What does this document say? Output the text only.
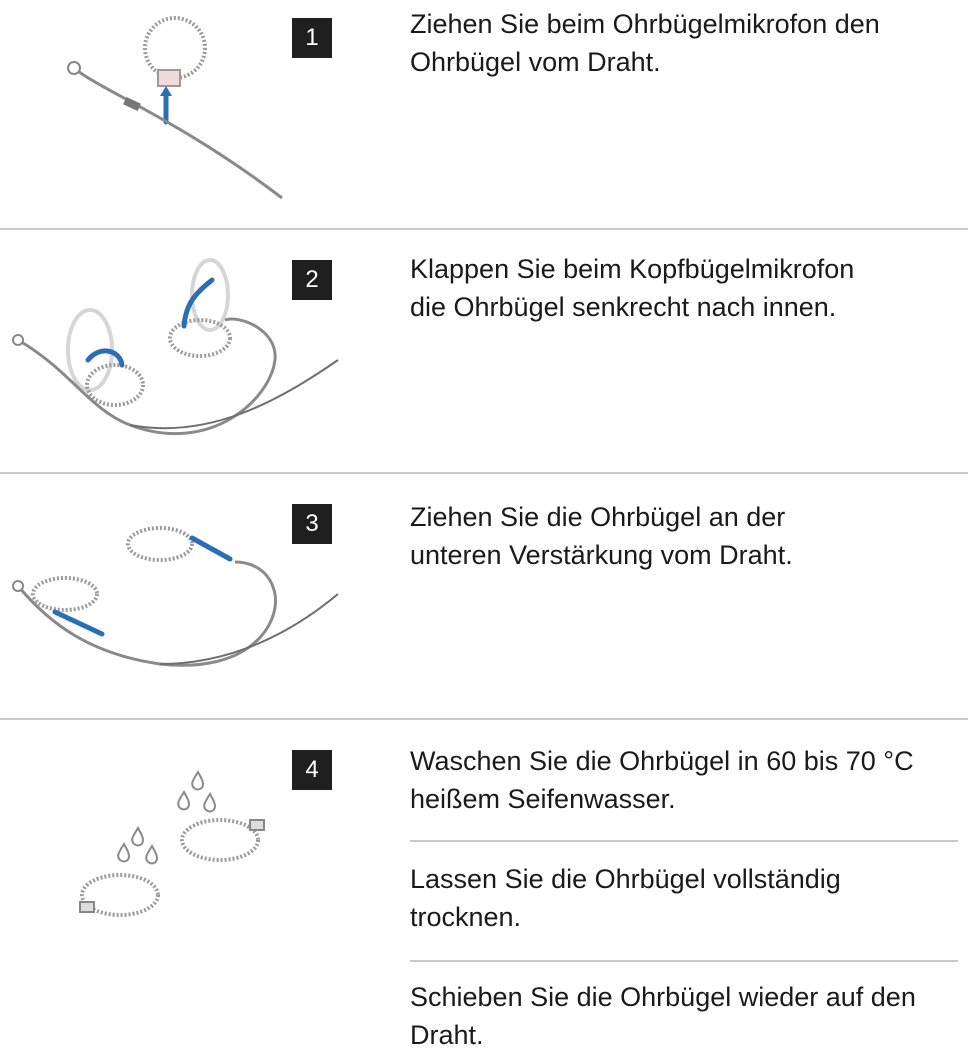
1	Ziehen Sie beim Ohrbügelmikrofon den Ohrbügel vom Draht.
2	Klappen Sie beim Kopfbügelmikrofon die Ohrbügel senkrecht nach innen.
3	Ziehen Sie die Ohrbügel an der unteren Verstärkung vom Draht.
4	Waschen Sie die Ohrbügel in 60 bis 70 °C heißem Seifenwasser.
Lassen Sie die Ohrbügel vollständig trocknen.
Schieben Sie die Ohrbügel wieder auf den Draht.
